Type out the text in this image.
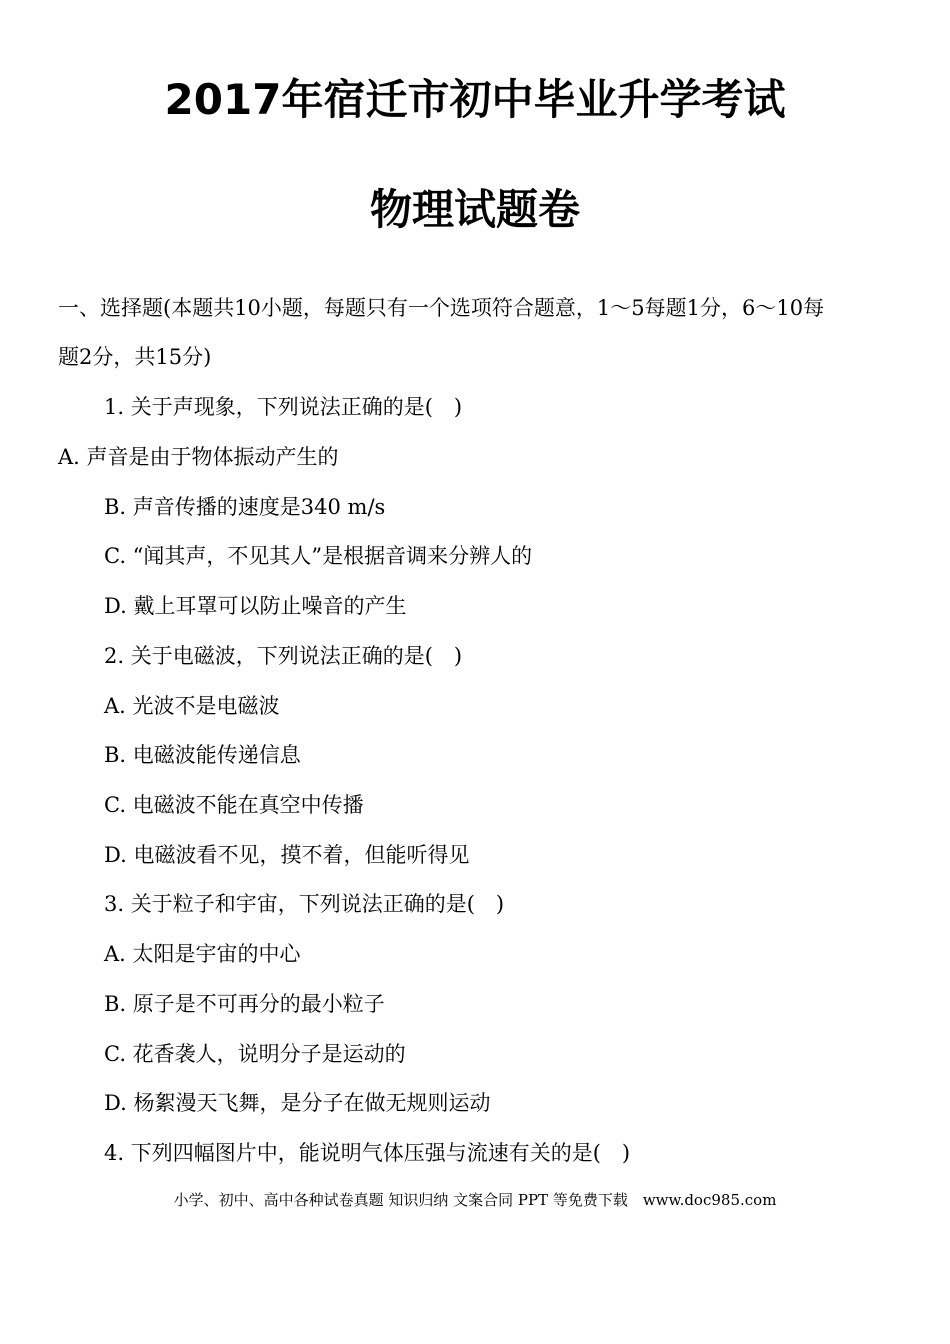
2017年宿迁市初中毕业升学考试
物理试题卷

一、选择题(本题共10小题，每题只有一个选项符合题意，1～5每题1分，6～10每

题2分，共15分)

1. 关于声现象，下列说法正确的是(　)

A. 声音是由于物体振动产生的

B. 声音传播的速度是340 m/s

C. “闻其声，不见其人”是根据音调来分辨人的

D. 戴上耳罩可以防止噪音的产生

2. 关于电磁波，下列说法正确的是(　)

A. 光波不是电磁波

B. 电磁波能传递信息

C. 电磁波不能在真空中传播

D. 电磁波看不见，摸不着，但能听得见

3. 关于粒子和宇宙，下列说法正确的是(　)

A. 太阳是宇宙的中心

B. 原子是不可再分的最小粒子

C. 花香袭人，说明分子是运动的

D. 杨絮漫天飞舞，是分子在做无规则运动

4. 下列四幅图片中，能说明气体压强与流速有关的是(　)

小学、初中、高中各种试卷真题 知识归纳 文案合同 PPT 等免费下载　www.doc985.com
